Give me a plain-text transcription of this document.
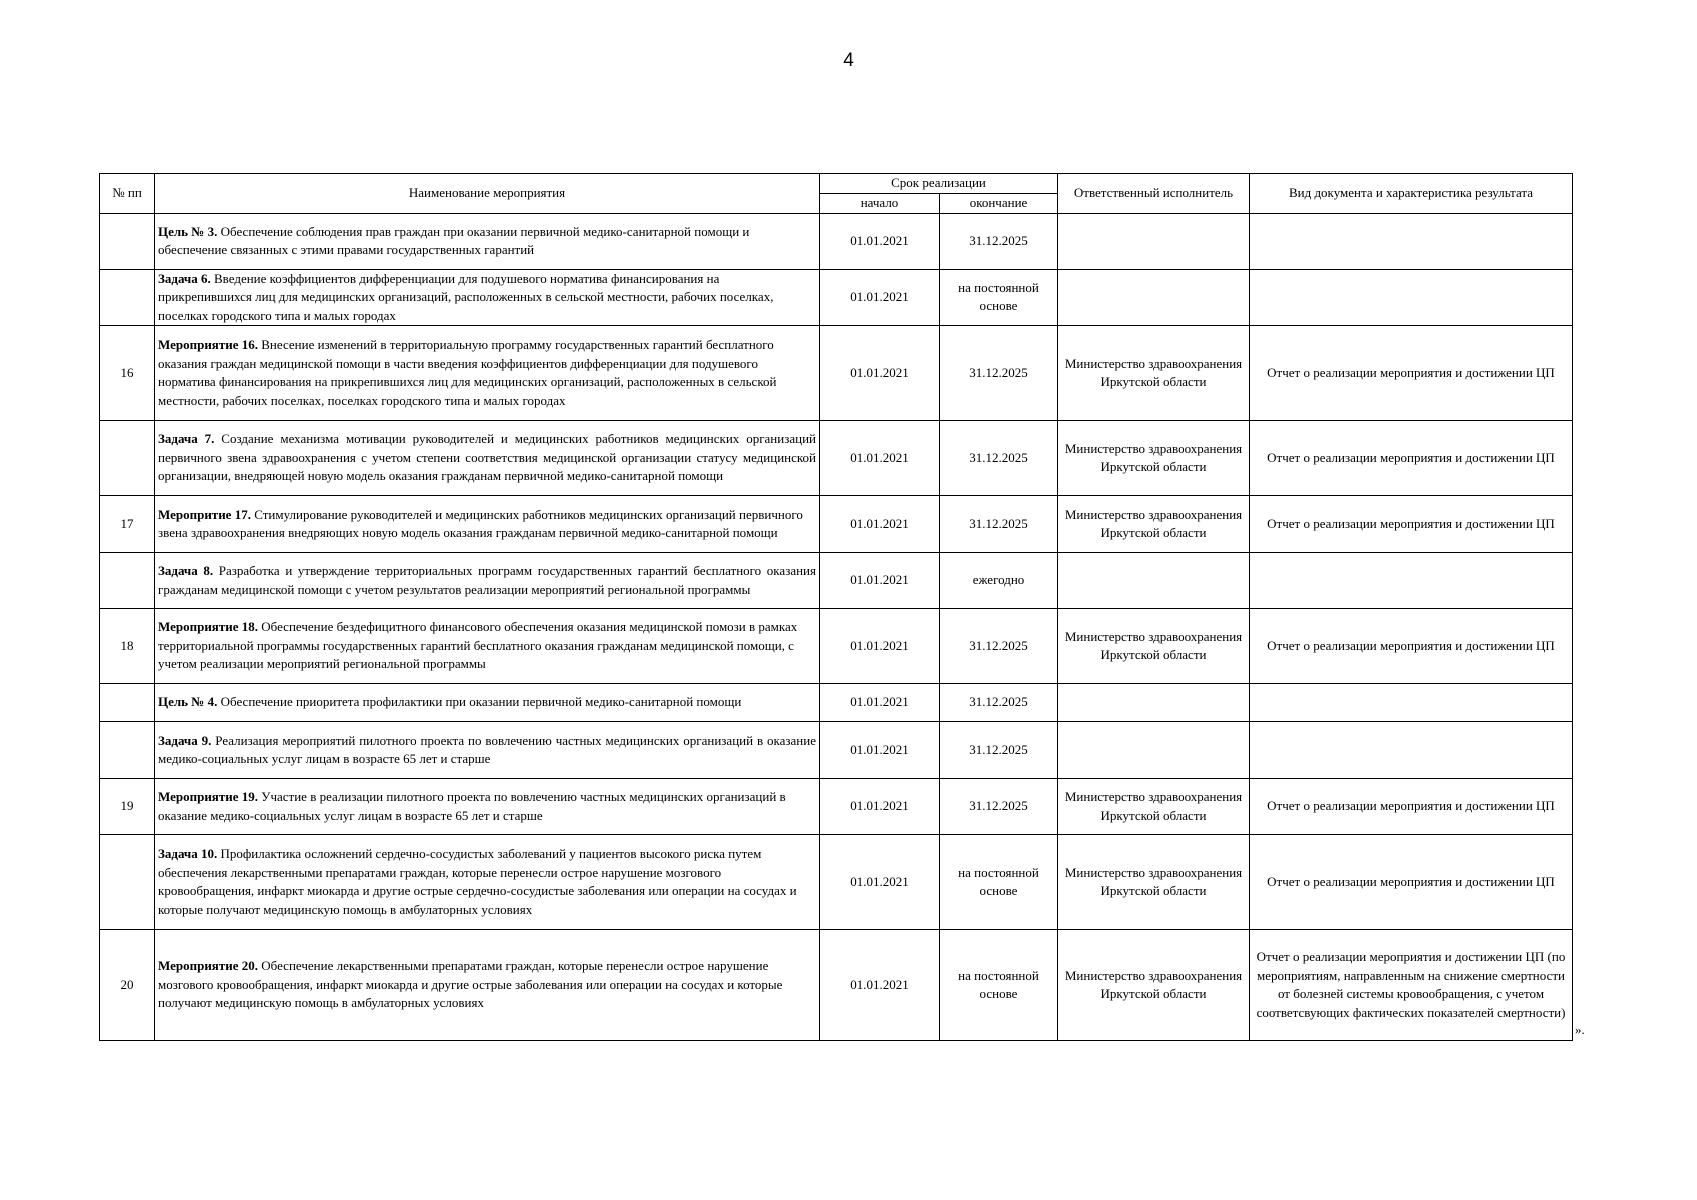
4
№ пп	Наименование мероприятия	Срок реализации		Ответственный исполнитель	Вид документа и характеристика результата
		начало	окончание		
	Цель № 3. Обеспечение соблюдения прав граждан при оказании первичной медико-санитарной помощи и обеспечение связанных с этими правами государственных гарантий	01.01.2021	31.12.2025		
	Задача 6. Введение коэффициентов дифференциации для подушевого норматива финансирования на прикрепившихся лиц для медицинских организаций, расположенных в сельской местности, рабочих поселках, поселках городского типа и малых городах	01.01.2021	на постоянной основе		
16	Мероприятие 16. Внесение изменений в территориальную программу государственных гарантий бесплатного оказания граждан медицинской помощи в части введения коэффициентов дифференциации для подушевого норматива финансирования на прикрепившихся лиц для медицинских организаций, расположенных в сельской местности, рабочих поселках, поселках городского типа и малых городах	01.01.2021	31.12.2025	Министерство здравоохранения Иркутской области	Отчет о реализации мероприятия и достижении ЦП
	Задача 7. Создание механизма мотивации руководителей и медицинских работников медицинских организаций первичного звена здравоохранения с учетом степени соответствия медицинской организации статусу медицинской организации, внедряющей новую модель оказания гражданам первичной медико-санитарной помощи	01.01.2021	31.12.2025	Министерство здравоохранения Иркутской области	Отчет о реализации мероприятия и достижении ЦП
17	Меропритие 17. Стимулирование руководителей и медицинских работников медицинских организаций первичного звена здравоохранения внедряющих новую модель оказания гражданам первичной медико-санитарной помощи	01.01.2021	31.12.2025	Министерство здравоохранения Иркутской области	Отчет о реализации мероприятия и достижении ЦП
	Задача 8. Разработка и утверждение территориальных программ государственных гарантий бесплатного оказания гражданам медицинской помощи с учетом результатов реализации мероприятий региональной программы	01.01.2021	ежегодно		
18	Мероприятие 18. Обеспечение бездефицитного финансового обеспечения оказания медицинской помози в рамках территориальной программы государственных гарантий бесплатного оказания гражданам медицинской помощи, с учетом реализации мероприятий региональной программы	01.01.2021	31.12.2025	Министерство здравоохранения Иркутской области	Отчет о реализации мероприятия и достижении ЦП
	Цель № 4. Обеспечение приоритета профилактики при оказании первичной медико-санитарной помощи	01.01.2021	31.12.2025		
	Задача 9. Реализация мероприятий пилотного проекта по вовлечению частных медицинских организаций в оказание медико-социальных услуг лицам в возрасте 65 лет и старше	01.01.2021	31.12.2025		
19	Мероприятие 19. Участие в реализации пилотного проекта по вовлечению частных медицинских организаций в оказание медико-социальных услуг лицам в возрасте 65 лет и старше	01.01.2021	31.12.2025	Министерство здравоохранения Иркутской области	Отчет о реализации мероприятия и достижении ЦП
	Задача 10. Профилактика осложнений сердечно-сосудистых заболеваний у пациентов высокого риска путем обеспечения лекарственными препаратами граждан, которые перенесли острое нарушение мозгового кровообращения, инфаркт миокарда и другие острые сердечно-сосудистые заболевания или операции на сосудах и которые получают медицинскую помощь в амбулаторных условиях	01.01.2021	на постоянной основе	Министерство здравоохранения Иркутской области	Отчет о реализации мероприятия и достижении ЦП
20	Мероприятие 20. Обеспечение лекарственными препаратами граждан, которые перенесли острое нарушение мозгового кровообращения, инфаркт миокарда и другие острые заболевания или операции на сосудах и которые получают медицинскую помощь в амбулаторных условиях	01.01.2021	на постоянной основе	Министерство здравоохранения Иркутской области	Отчет о реализации мероприятия и достижении ЦП (по мероприятиям, направленным на снижение смертности от болезней системы кровообращения, с учетом соответсвующих фактических показателей смертности)
».
